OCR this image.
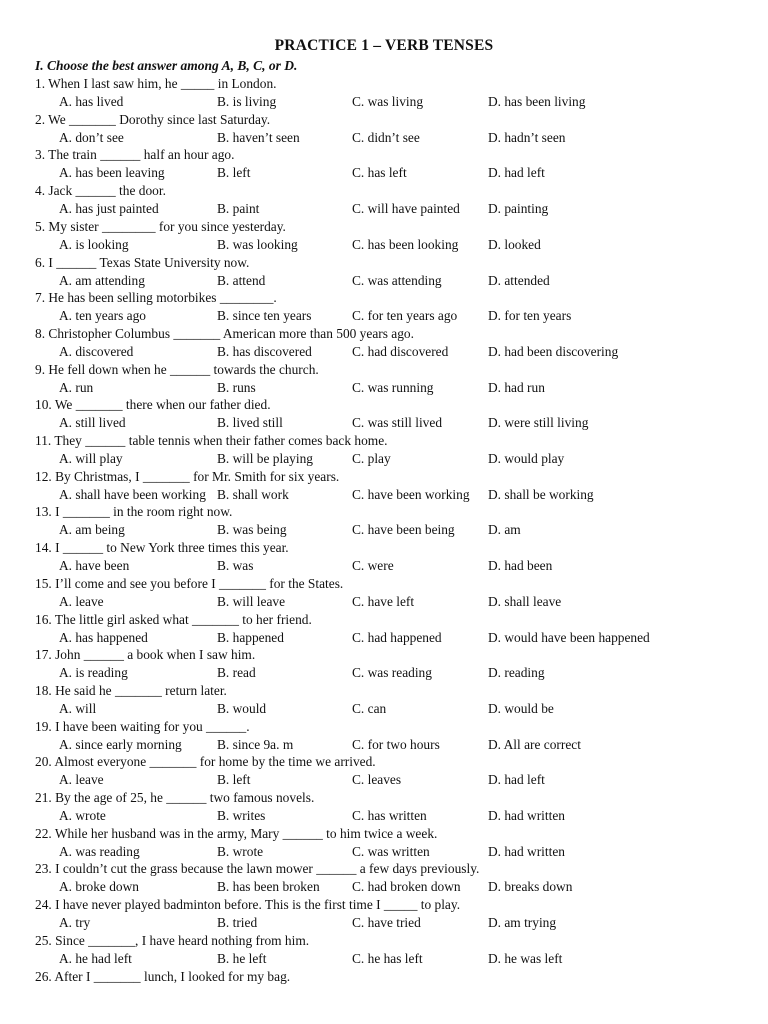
PRACTICE 1 – VERB TENSES
I. Choose the best answer among A, B, C, or D.
1. When I last saw him, he _____ in London.
A. has lived	B. is living	C. was living	D. has been living
2. We _______ Dorothy since last Saturday.
A. don’t see	B. haven’t seen	C. didn’t see	D. hadn’t seen
3. The train ______ half an hour ago.
A. has been leaving	B. left	C. has left	D. had left
4. Jack ______ the door.
A. has just painted	B. paint	C. will have painted D. painting
5. My sister ________ for you since yesterday.
A. is looking	B. was looking	C. has been looking D. looked
6. I ______ Texas State University now.
A. am attending	B. attend	C. was attending	D. attended
7. He has been selling motorbikes ________.
A. ten years ago	B. since ten years	C. for ten years ago D. for ten years
8. Christopher Columbus _______ American more than 500 years ago.
A. discovered	B. has discovered	C. had discovered	D. had been discovering
9. He fell down when he ______ towards the church.
A. run	B. runs	C. was running	D. had run
10. We _______ there when our father died.
A. still lived	B. lived still	C. was still lived	D. were still living
11. They ______ table tennis when their father comes back home.
A. will play	B. will be playing	C. play	D. would play
12. By Christmas, I _______ for Mr. Smith for six years.
A. shall have been working B. shall work	C. have been working D. shall be working
13. I _______ in the room right now.
A. am being	B. was being	C. have been being D. am
14. I ______ to New York three times this year.
A. have been	B. was	C. were	D. had been
15. I’ll come and see you before I _______ for the States.
A. leave	B. will leave	C. have left	D. shall leave
16. The little girl asked what _______ to her friend.
A. has happened	B. happened	C. had happened	D. would have been happened
17. John ______ a book when I saw him.
A. is reading	B. read	C. was reading	D. reading
18. He said he _______ return later.
A. will	B. would	C. can	D. would be
19. I have been waiting for you ______.
A. since early morning	B. since 9a. m	C. for two hours	D. All are correct
20. Almost everyone _______ for home by the time we arrived.
A. leave	B. left	C. leaves	D. had left
21. By the age of 25, he ______ two famous novels.
A. wrote	B. writes	C. has written	D. had written
22. While her husband was in the army, Mary ______ to him twice a week.
A. was reading	B. wrote	C. was written	D. had written
23. I couldn’t cut the grass because the lawn mower ______ a few days previously.
A. broke down	B. has been broken C. had broken down D. breaks down
24. I have never played badminton before. This is the first time I _____ to play.
A. try	B. tried	C. have tried	D. am trying
25. Since _______, I have heard nothing from him.
A. he had left	B. he left	C. he has left	D. he was left
26. After I _______ lunch, I looked for my bag.
